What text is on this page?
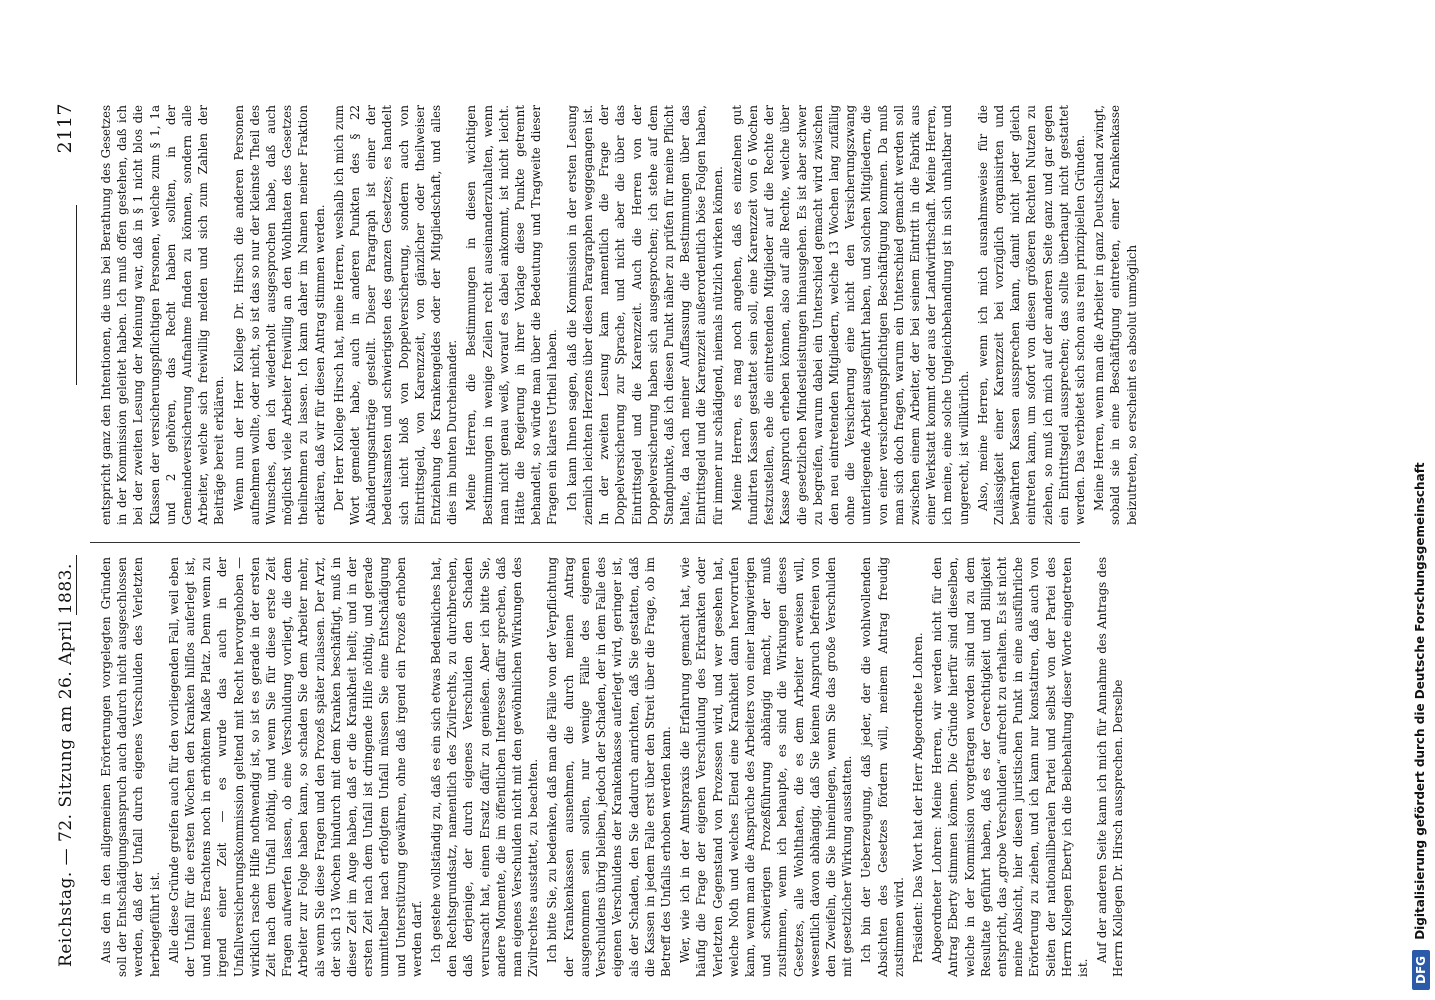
Reichstag. — 72. Sitzung am 26. April 1883.
2117

Aus den in den allgemeinen Erörterungen vorgelegten Gründen soll der Entschädigungsanspruch auch dadurch nicht ausgeschlossen werden, daß der Unfall durch eigenes Verschulden des Verletzten herbeigeführt ist. Alle diese Gründe greifen auch für den vorliegenden Fall, weil eben der Unfall für die ersten Wochen den Kranken hilflos auferlegt ist, und meines Erachtens noch in erhöhtem Maße Platz. Denn wenn zu irgend einer Zeit — es wurde das auch in der Unfallversicherungskommission geltend mit Recht hervorgehoben — wirklich rasche Hilfe nothwendig ist, so ist es gerade in der ersten Zeit nach dem Unfall nöthig, und wenn Sie für diese erste Zeit Fragen aufwerfen lassen, ob eine Verschuldung vorliegt, die dem Arbeiter zur Folge haben kann, so schaden Sie dem Arbeiter mehr, als wenn Sie diese Fragen und den Prozeß später zulassen. Der Arzt, der sich 13 Wochen hindurch mit dem Kranken beschäftigt, muß in dieser Zeit im Auge haben, daß er die Krankheit heilt; und in der ersten Zeit nach dem Unfall ist dringende Hilfe nöthig, und gerade unmittelbar nach erfolgtem Unfall müssen Sie eine Entschädigung und Unterstützung gewähren, ohne daß irgend ein Prozeß erhoben werden darf. Ich gestehe vollständig zu, daß es ein sich etwas Bedenkliches hat, den Rechtsgrundsatz, namentlich des Zivilrechts, zu durchbrechen, daß derjenige, der durch eigenes Verschulden den Schaden verursacht hat, einen Ersatz dafür zu genießen. Aber ich bitte Sie, andere Momente, die im öffentlichen Interesse dafür sprechen, daß man eigenes Verschulden nicht mit den gewöhnlichen Wirkungen des Zivilrechtes ausstattet, zu beachten. Ich bitte Sie, zu bedenken, daß man die Fälle von der Verpflichtung der Krankenkassen ausnehmen, die durch meinen Antrag ausgenommen sein sollen, nur wenige Fälle des eigenen Verschuldens übrig bleiben, jedoch der Schaden, der in dem Falle des eigenen Verschuldens der Krankenkasse auferlegt wird, geringer ist, als der Schaden, den Sie dadurch anrichten, daß Sie gestatten, daß die Kassen in jedem Falle erst über den Streit über die Frage, ob im Betreff des Unfalls erhoben werden kann. Wer, wie ich in der Amtspraxis die Erfahrung gemacht hat, wie häufig die Frage der eigenen Verschuldung des Erkrankten oder Verletzten Gegenstand von Prozessen wird, und wer gesehen hat, welche Noth und welches Elend eine Krankheit dann hervorrufen kann, wenn man die Ansprüche des Arbeiters von einer langwierigen und schwierigen Prozeßführung abhängig macht, der muß zustimmen, wenn ich behaupte, es sind die Wirkungen dieses Gesetzes, alle Wohlthaten, die es dem Arbeiter erweisen will, wesentlich davon abhängig, daß Sie keinen Anspruch befreien von den Zweifeln, die Sie hineinlegen, wenn Sie das große Verschulden mit gesetzlicher Wirkung ausstatten. Ich bin der Ueberzeugung, daß jeder, der die wohlwollenden Absichten des Gesetzes fördern will, meinem Antrag freudig zustimmen wird. Präsident: Das Wort hat der Herr Abgeordnete Lohren. Abgeordneter Lohren: Meine Herren, wir werden nicht für den Antrag Eberty stimmen können. Die Gründe hierfür sind dieselben, welche in der Kommission vorgetragen worden sind und zu dem Resultate geführt haben, daß es der Gerechtigkeit und Billigkeit entspricht, das „grobe Verschulden“ aufrecht zu erhalten. Es ist nicht meine Absicht, hier diesen juristischen Punkt in eine ausführliche Erörterung zu ziehen, und ich kann nur konstatiren, daß auch von Seiten der nationalliberalen Partei und selbst von der Partei des Herrn Kollegen Eberty ich die Beibehaltung dieser Worte eingetreten ist.

Auf der anderen Seite kann ich mich für Annahme des Antrags des Herrn Kollegen Dr. Hirsch aussprechen. Derselbe

entspricht ganz den Intentionen, die uns bei Berathung des Gesetzes in der Kommission geleitet haben. Ich muß offen gestehen, daß ich bei der zweiten Lesung der Meinung war, daß in § 1 nicht blos die Klassen der versicherungspflichtigen Personen, welche zum § 1, 1a und 2 gehören, das Recht haben sollten, in der Gemeindeversicherung Aufnahme finden zu können, sondern alle Arbeiter, welche sich freiwillig melden und sich zum Zahlen der Beiträge bereit erklären. Wenn nun der Herr Kollege Dr. Hirsch die anderen Personen aufnehmen wollte, oder nicht, so ist das so nur der kleinste Theil des Wunsches, den ich wiederholt ausgesprochen habe, daß auch möglichst viele Arbeiter freiwillig an den Wohlthaten des Gesetzes theilnehmen zu lassen. Ich kann daher im Namen meiner Fraktion erklären, daß wir für diesen Antrag stimmen werden. Der Herr Kollege Hirsch hat, meine Herren, weshalb ich mich zum Wort gemeldet habe, auch in anderen Punkten des § 22 Abänderungsanträge gestellt. Dieser Paragraph ist einer der bedeutsamsten und schwierigsten des ganzen Gesetzes; es handelt sich nicht bloß von Doppelversicherung, sondern auch von Eintrittsgeld, von Karenzzeit, von gänzlicher oder theilweiser Entziehung des Krankengeldes oder der Mitgliedschaft, und alles dies im bunten Durcheinander. Meine Herren, die Bestimmungen in diesen wichtigen Bestimmungen in wenige Zeilen recht auseinanderzuhalten, wenn man nicht genau weiß, worauf es dabei ankommt, ist nicht leicht. Hätte die Regierung in ihrer Vorlage diese Punkte getrennt behandelt, so würde man über die Bedeutung und Tragweite dieser Fragen ein klares Urtheil haben. Ich kann Ihnen sagen, daß die Kommission in der ersten Lesung ziemlich leichten Herzens über diesen Paragraphen weggegangen ist. In der zweiten Lesung kam namentlich die Frage der Doppelversicherung zur Sprache, und nicht aber die über das Eintrittsgeld und die Karenzzeit. Auch die Herren von der Doppelversicherung haben sich ausgesprochen; ich stehe auf dem Standpunkte, daß ich diesen Punkt näher zu prüfen für meine Pflicht halte, da nach meiner Auffassung die Bestimmungen über das Eintrittsgeld und die Karenzzeit außerordentlich böse Folgen haben, für immer nur schädigend, niemals nützlich wirken können. Meine Herren, es mag noch angehen, daß es einzelnen gut fundirten Kassen gestattet sein soll, eine Karenzzeit von 6 Wochen festzustellen, ehe die eintretenden Mitglieder auf die Rechte der Kasse Anspruch erheben können, also auf alle Rechte, welche über die gesetzlichen Mindestleistungen hinausgehen. Es ist aber schwer zu begreifen, warum dabei ein Unterschied gemacht wird zwischen den neu eintretenden Mitgliedern, welche 13 Wochen lang zufällig ohne die Versicherung eine nicht den Versicherungszwang unterliegende Arbeit ausgeführt haben, und solchen Mitgliedern, die von einer versicherungspflichtigen Beschäftigung kommen. Da muß man sich doch fragen, warum ein Unterschied gemacht werden soll zwischen einem Arbeiter, der bei seinem Eintritt in die Fabrik aus einer Werkstatt kommt oder aus der Landwirthschaft. Meine Herren, ich meine, eine solche Ungleichbehandlung ist in sich unhaltbar und ungerecht, ist willkürlich. Also, meine Herren, wenn ich mich ausnahmsweise für die Zulässigkeit einer Karenzzeit bei vorzüglich organisirten und bewährten Kassen aussprechen kann, damit nicht jeder gleich eintreten kann, um sofort von diesen größeren Rechten Nutzen zu ziehen, so muß ich mich auf der anderen Seite ganz und gar gegen ein Eintrittsgeld aussprechen; das sollte überhaupt nicht gestattet werden. Das verbietet sich schon aus rein prinzipiellen Gründen. Meine Herren, wenn man die Arbeiter in ganz Deutschland zwingt, sobald sie in eine Beschäftigung eintreten, einer Krankenkasse beizutreten, so erscheint es absolut unmöglich

DFG Digitalisierung gefördert durch die Deutsche Forschungsgemeinschaft
